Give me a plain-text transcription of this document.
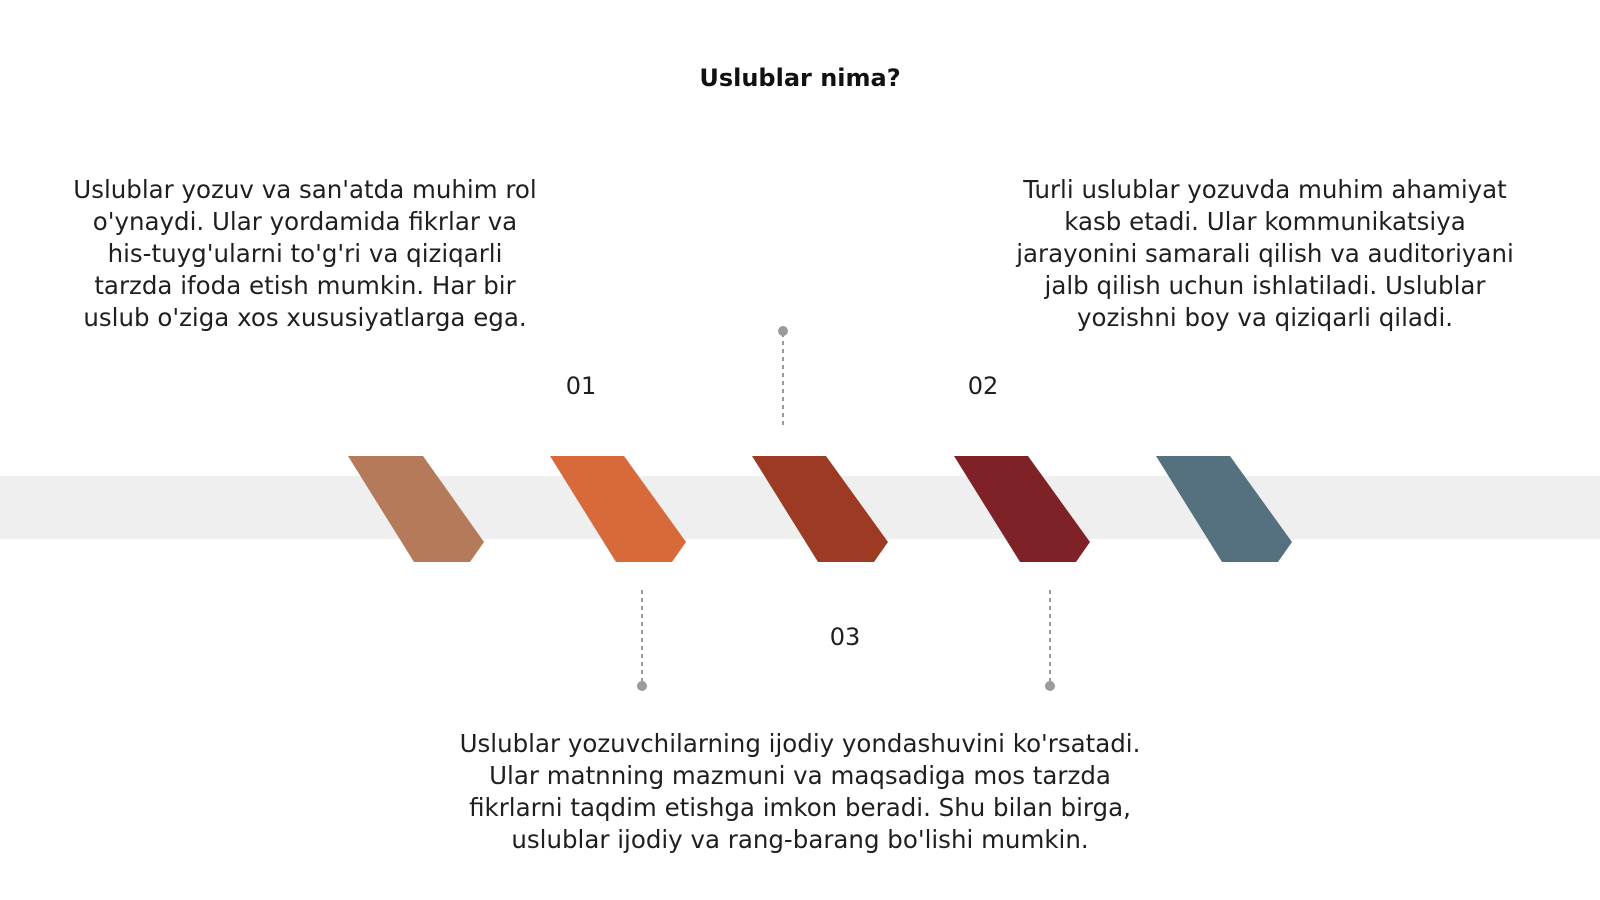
Uslublar nima?

Uslublar yozuv va san'atda muhim rol o'ynaydi. Ular yordamida fikrlar va his-tuyg'ularni to'g'ri va qiziqarli tarzda ifoda etish mumkin. Har bir uslub o'ziga xos xususiyatlarga ega.

Turli uslublar yozuvda muhim ahamiyat kasb etadi. Ular kommunikatsiya jarayonini samarali qilish va auditoriyani jalb qilish uchun ishlatiladi. Uslublar yozishni boy va qiziqarli qiladi.

Uslublar yozuvchilarning ijodiy yondashuvini ko'rsatadi. Ular matnning mazmuni va maqsadiga mos tarzda fikrlarni taqdim etishga imkon beradi. Shu bilan birga, uslublar ijodiy va rang-barang bo'lishi mumkin.

01	02
03
